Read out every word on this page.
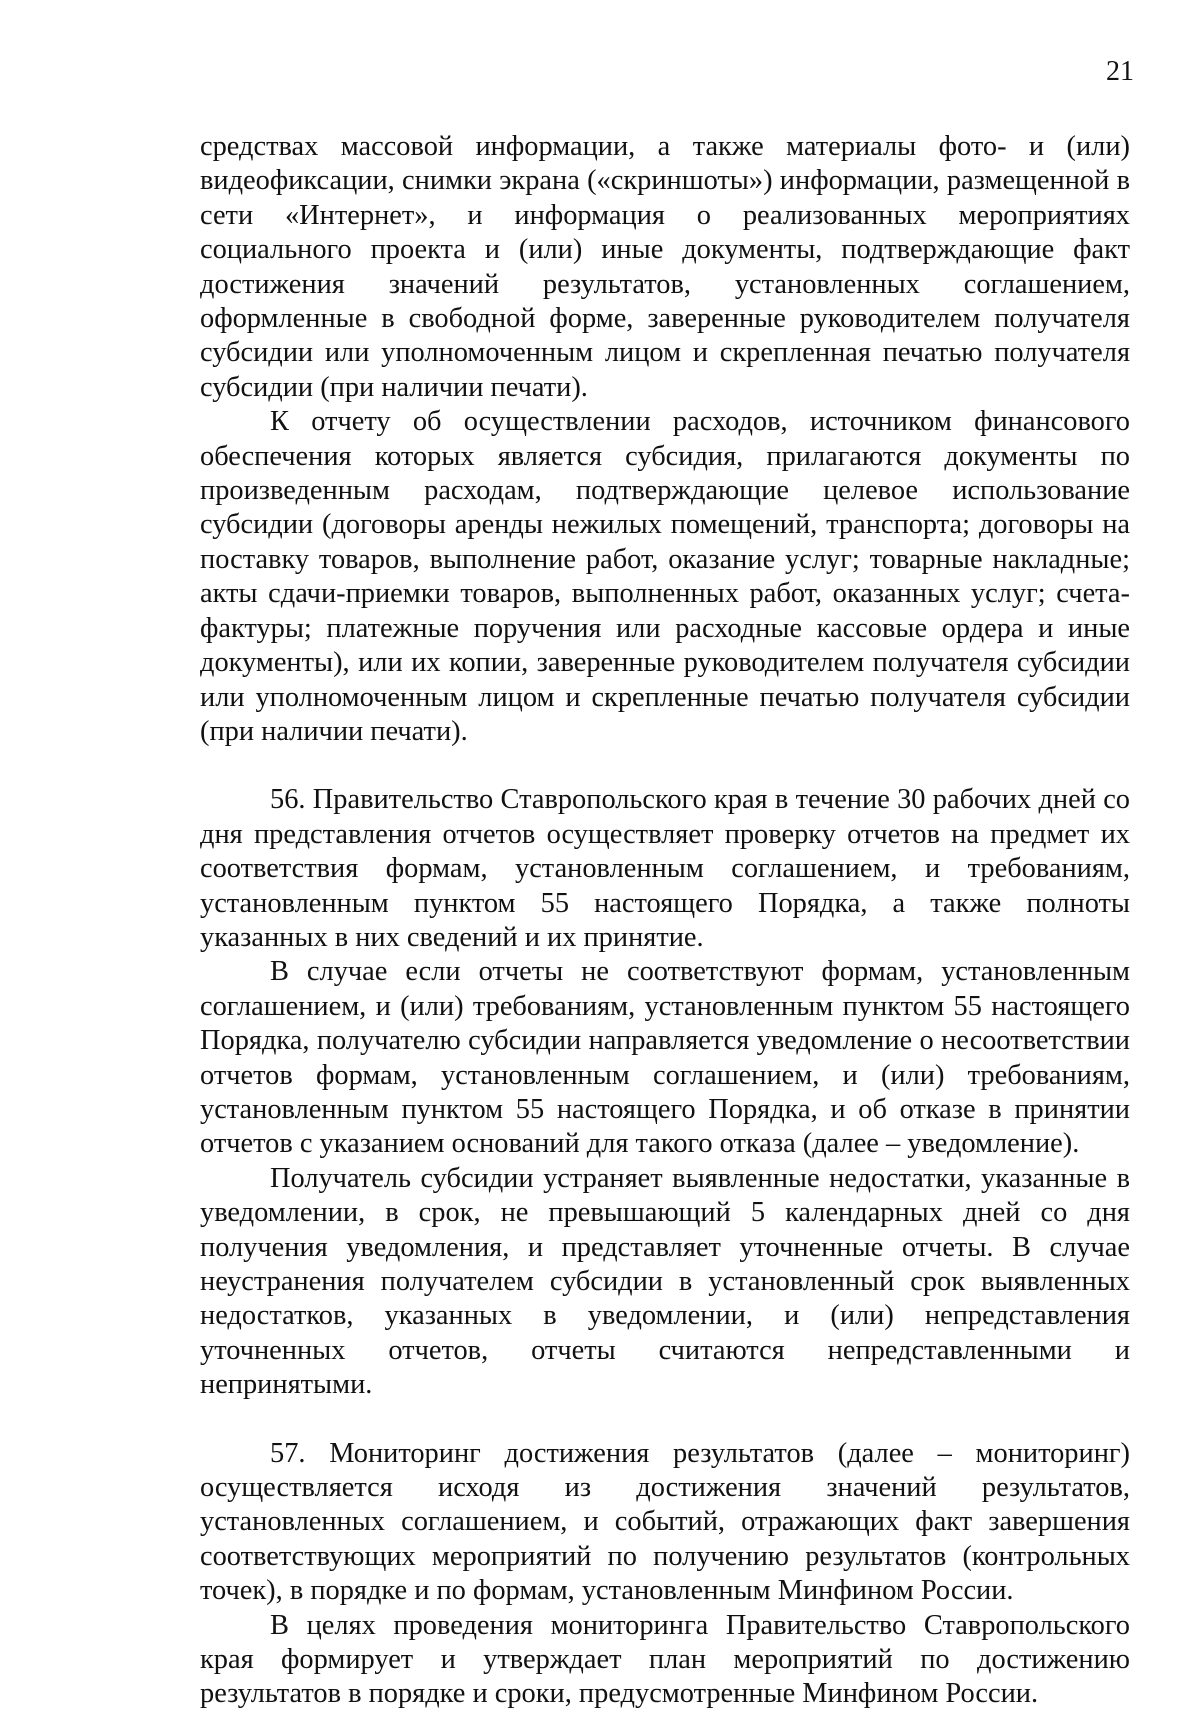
21

средствах массовой информации, а также материалы фото- и (или) видеофиксации, снимки экрана («скриншоты») информации, размещенной в сети «Интернет», и информация о реализованных мероприятиях социального проекта и (или) иные документы, подтверждающие факт достижения значений результатов, установленных соглашением, оформленные в свободной форме, заверенные руководителем получателя субсидии или уполномоченным лицом и скрепленная печатью получателя субсидии (при наличии печати).

К отчету об осуществлении расходов, источником финансового обеспечения которых является субсидия, прилагаются документы по произведенным расходам, подтверждающие целевое использование субсидии (договоры аренды нежилых помещений, транспорта; договоры на поставку товаров, выполнение работ, оказание услуг; товарные накладные; акты сдачи-приемки товаров, выполненных работ, оказанных услуг; счета-фактуры; платежные поручения или расходные кассовые ордера и иные документы), или их копии, заверенные руководителем получателя субсидии или уполномоченным лицом и скрепленные печатью получателя субсидии (при наличии печати).

56. Правительство Ставропольского края в течение 30 рабочих дней со дня представления отчетов осуществляет проверку отчетов на предмет их соответствия формам, установленным соглашением, и требованиям, установленным пунктом 55 настоящего Порядка, а также полноты указанных в них сведений и их принятие.

В случае если отчеты не соответствуют формам, установленным соглашением, и (или) требованиям, установленным пунктом 55 настоящего Порядка, получателю субсидии направляется уведомление о несоответствии отчетов формам, установленным соглашением, и (или) требованиям, установленным пунктом 55 настоящего Порядка, и об отказе в принятии отчетов с указанием оснований для такого отказа (далее – уведомление).

Получатель субсидии устраняет выявленные недостатки, указанные в уведомлении, в срок, не превышающий 5 календарных дней со дня получения уведомления, и представляет уточненные отчеты. В случае неустранения получателем субсидии в установленный срок выявленных недостатков, указанных в уведомлении, и (или) непредставления уточненных отчетов, отчеты считаются непредставленными и непринятыми.

57. Мониторинг достижения результатов (далее – мониторинг) осуществляется исходя из достижения значений результатов, установленных соглашением, и событий, отражающих факт завершения соответствующих мероприятий по получению результатов (контрольных точек), в порядке и по формам, установленным Минфином России.

В целях проведения мониторинга Правительство Ставропольского края формирует и утверждает план мероприятий по достижению результатов в порядке и сроки, предусмотренные Минфином России.
